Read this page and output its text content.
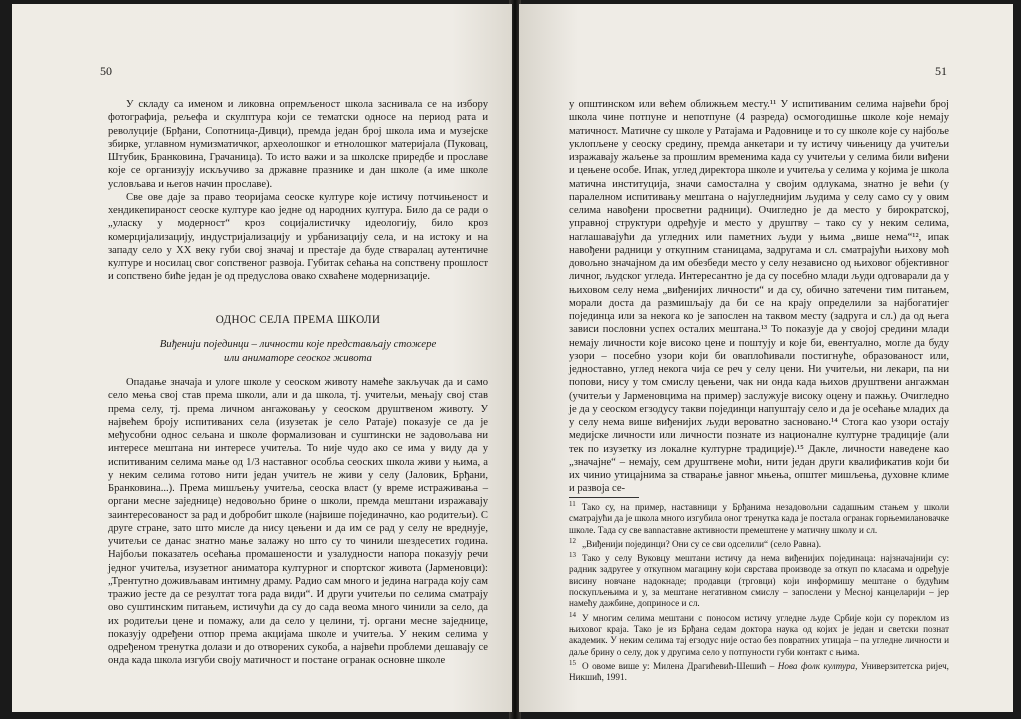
50

У складу са именом и ликовна опремљеност школа заснивала се на избору фотографија, рељефа и скулптура који се тематски односе на период рата и револуције (Брђани, Сопотница-Дивци), премда један број школа има и музејске збирке, углавном нумизматичког, археолошког и етнолошког материјала (Пуковац, Штубик, Бранковина, Грачаница). То исто важи и за школске приредбе и прославе које се организују искључиво за државне празнике и дан школе (а име школе условљава и његов начин прославе).

Све ове даје за право теоријама сеоске културе које истичу потчињеност и хендикепираност сеоске културе као једне од народних култура. Било да се ради о „уласку у модерност“ кроз социјалистичку идеологију, било кроз комерцијализацију, индустријализацију и урбанизацију села, и на истоку и на западу село у XX веку губи свој значај и престаје да буде стваралац аутентичне културе и носилац свог сопственог развоја. Губитак сећања на сопствену прошлост и сопствено биће један је од предуслова овако схваћене модернизације.

ОДНОС СЕЛА ПРЕМА ШКОЛИ
Виђенији појединци – личности које представљају стожере
или аниматоре сеоског живота

Опадање значаја и улоге школе у сеоском животу намеће закључак да и само село мења свој став према школи, али и да школа, тј. учитељи, мењају свој став према селу, тј. према личном ангажовању у сеоском друштвеном животу. У највећем броју испитиваних села (изузетак је село Ратаје) показује се да је међусобни однос сељана и школе формализован и суштински не задовољава ни интересе мештана ни интересе учитеља. То није чудо ако се има у виду да у испитиваним селима мање од 1/3 наставног особља сеоских школа живи у њима, а у неким селима готово нити један учитељ не живи у селу (Јаловик, Брђани, Бранковина...). Према мишљењу учитеља, сеоска власт (у време истраживања – органи месне заједнице) недовољно брине о школи, премда мештани изражавају заинтересованост за рад и добробит школе (највише појединачно, као родитељи). С друге стране, зато што мисле да нису цењени и да им се рад у селу не вреднује, учитељи се данас знатно мање залажу но што су то чинили шездесетих година. Најбољи показатељ осећања промашености и узалудности напора показују речи једног учитеља, изузетног аниматора културног и спортског живота (Јарменовци): „Трентутно доживљавам интимну драму. Радио сам много и једина награда коју сам тражио јесте да се резултат тога рада види“. И други учитељи по селима сматрају ово суштинским питањем, истичући да су до сада веома много чинили за село, да их родитељи цене и помажу, али да село у целини, тј. органи месне заједнице, показују одређени отпор према акцијама школе и учитеља. У неким селима у одређеном тренутка долази и до отворених сукоба, а највећи проблеми дешавају се онда када школа изгуби своју матичност и постане огранак основне школе

51

у општинском или већем оближњем месту.¹¹ У испитиваним селима највећи број школа чине потпуне и непотпуне (4 разреда) осмогодишње школе које немају матичност. Матичне су школе у Ратајама и Радовнице и то су школе које су најбоље уклопљене у сеоску средину, премда анкетари и ту истичу чињеницу да учитељи изражавају жаљење за прошлим временима када су учитељи у селима били виђени и цењене особе. Ипак, углед директора школе и учитеља у селима у којима је школа матична институција, значи самостална у својим одлукама, знатно је већи (у паралелном испитивању мештана о најугледнијим људима у селу само су у овим селима навођени просветни радници). Очигледно је да место у бирократској, управној структури одређује и место у друштву – тако су у неким селима, наглашавајући да угледних или паметних људи у њима „више нема“¹², ипак навођени радници у откупним станицама, задругама и сл. сматрајући њихову моћ довољно значајном да им обезбеди место у селу независно од њиховог објективног личног, људског угледа. Интересантно је да су посебно млади људи одговарали да у њиховом селу нема „виђенијих личности“ и да су, обично затечени тим питањем, морали доста да размишљају да би се на крају определили за најбогатијег појединца или за некога ко је запослен на таквом месту (задруга и сл.) да од њега зависи пословни успех осталих мештана.¹³ То показује да у својој средини млади немају личности које високо цене и поштују и које би, евентуално, могле да буду узори – посебно узори који би оваплоћивали постигнуће, образованост или, једноставно, углед некога чија се реч у селу цени. Ни учитељи, ни лекари, па ни попови, нису у том смислу цењени, чак ни онда када њихов друштвени ангажман (учитељи у Јарменовцима на пример) заслужује високу оцену и пажњу. Очигледно је да у сеоском егзодусу такви појединци напуштају село и да је осећање младих да у селу нема више виђенијих људи вероватно засновано.¹⁴ Стога као узори остају медијске личности или личности познате из националне културне традиције (али тек по изузетку из локалне културне традиције).¹⁵ Дакле, личности наведене као „значајне“ – немају, сем друштвене моћи, нити један други квалификатив који би их чинио утицајнима за стварање јавног мњења, општег мишљења, духовне климе и развоја се-

$^{11}$ Тако су, на пример, наставници у Брђанима незадовољни садашњим стањем у школи сматрајући да је школа много изгубила оног тренутка када је постала огранак горњемилановачке школе. Тада су све вannаставне активности премештене у матичну школу и сл.

$^{12}$ „Виђенији појединци? Они су се сви одселили“ (село Равна).

$^{13}$ Тако у селу Вуковцу мештани истичу да нема виђенијих појединаца: најзначајнији су: радник задругее у откупном магацину који сврстава производе за откуп по класама и одређује висину новчане надокнаде; продавци (трговци) који информишу мештане о будућим поскупљењима и у, за мештане негативном смислу – запослени у Месној канцеларији – јер намећу дажбине, доприносе и сл.

$^{14}$ У многим селима мештани с поносом истичу угледне људе Србије који су пореклом из њиховог краја. Тако је из Брђана седам доктора наука од којих је један и светски познат академик. У неким селима тај егзодус није остао без повратних утицаја – па угледне личности и даље брину о селу, док у другима село у потпуности губи контакт с њима.

$^{15}$ О овоме више у: Милена Драгићевић-Шешић – Нова фолк култура, Универзитетска ријеч, Никшић, 1991.
